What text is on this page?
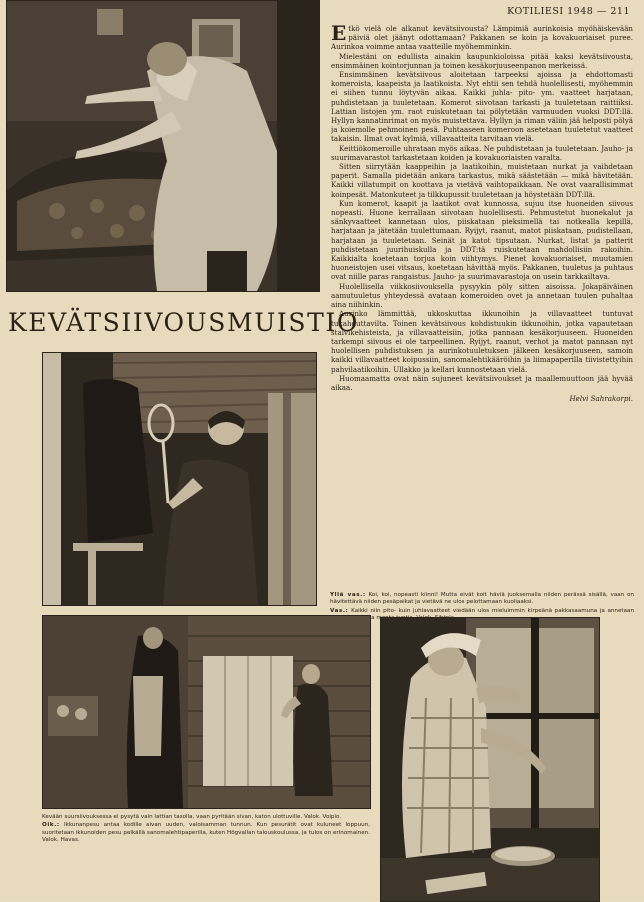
KOTILIESI 1948 — 211
KEVÄTSIIVOUSMUISTIO

Etkö vielä ole alkanut kevätsiivousta? Lämpimiä aurinkoisia myöhäiskevään päiviä olet jäänyt odottamaan? Pakkanen se koin ja kovakuoriaiset puree. Aurinkoa voimme antaa vaatteille myöhemminkin.

Mielestäni on edullista ainakin kaupunkioloissa pitää kaksi kevätsiivousta, ensimmäinen kointorjunnan ja toinen kesäkorjuuseenpanon merkeissä.

Ensimmäinen kevätsiivous aloitetaan tarpeeksi ajoissa ja ehdottomasti komeroista, kaapeista ja laatikoista. Nyt ehtii sen tehdä huolellisesti, myöhemmin ei siihen tunnu löytyvän aikaa. Kaikki juhla- pito- ym. vaatteet harjataan, puhdistetaan ja tuuletetaan. Komerot siivotaan tarkasti ja tuuletetaan raittiiksi. Lattian listojen ym. raot ruiskutetaan tai pölytetään varmuuden vuoksi DDT:llä. Hyllyn kannatinrimat on myös muistettava. Hyllyn ja riman väliin jää helposti pölyä ja koiemolle pehmoinen pesä. Puhtaaseen komeroon asetetaan tuuletetut vaatteet takaisin. Ilmat ovat kylmiä, villavaatteita tarvitaan vielä.

Keittiökomeroille uhrataan myös aikaa. Ne puhdistetaan ja tuuletetaan. Jauho- ja suurimavarastot tarkastetaan koiden ja kovakuoriaisten varalta.

Sitten siirrytään kaappeihin ja laatikoihin, muistetaan nurkat ja vaihdetaan paperit. Samalla pidetään ankara tarkastus, mikä säästetään — mikä hävitetään. Kaikki villatumpit on koottava ja vietävä vaihtopaikkaan. Ne ovat vaarallisimmat koinpesät. Matonkuteet ja tilkkupussit tuuletetaan ja höystetään DDT:llä.

Kun komerot, kaapit ja laatikot ovat kunnossa, sujuu itse huoneiden siivous nopeasti. Huone kerrallaan siivotaan huolellisesti. Pehmustetut huonekalut ja sänkyvaatteet kannetaan ulos, piiskataan pieksimellä tai notkealla kepillä, harjataan ja jätetään tuulettumaan. Ryijyt, raanut, matot piiskataan, pudistellaan, harjataan ja tuuletetaan. Seinät ja katot tipsutaan. Nurkat, listat ja patterit puhdistetaan juurihuiskulla ja DDT:tä ruiskutetaan mahdollisiin rakoihin. Kaikkialta koetetaan torjua koin viihtymys. Pienet kovakuoriaiset, muutamien huoneistojen usei vitsaus, koetetaan hävittää myös. Pakkanen, tuuletus ja puhtaus ovat niille paras rangaistus. Jauho- ja suurimavarastoja on usein tarkkailtava.

Huolellisella viikkosiivouksella pysyykin pöly sitten aisoissa. Jokapäiväinen aamutuuletus yhteydessä avataan komeroiden ovet ja annetaan tuulen puhaltaa aina niihinkin.

Aurinko lämmittää, ukkoskuttaa ikkunoihin ja villavaatteet tuntuvat tukahduttavilta. Toinen kevätsiivous kohdistuukin ikkunoihin, jotka vapautetaan stalvikehisteista, ja villavaatteisiin, jotka pannaan kesäkorjuuseen. Huoneiden tarkempi siivous ei ole tarpeellinen. Ryijyt, raanut, verhot ja matot pannaan nyt huolellisen puhdistuksen ja aurinkotuuletuksen jälkeen kesäkorjuuseen, samoin kaikki villavaatteet koipussiin, sanomalehtikääröihin ja liimapaperilla tiivistettyihin pahvilaatikoihin. Ullakko ja kellari kunnostetaan vielä.

Huomaamatta ovat näin sujuneet kevätsiivoukset ja maallemuuttoon jää hyvää aikaa.

Helvi Sahrakorpi.

Yllä vas.: Koi, koi, nopeasti kiinni! Mutta eivät koit häviä juoksemalla niiden perässä sisällä, vaan on hävitettävä niiden pesäpaikat ja vietävä ne ulos pelottamaan kuoliaaksi.

Vas.: Kaikki niin pito- kuin juhlavaatteet viedään ulos mieluimmin kirpeänä pakkasaamuna ja annetaan

Kevään suursiivouksessa ei pysytä vain lattian tasolla, vaan pyritään sivan, katon ulottuville. Valok. Voipio.

Oik.: Ikkunanpesu antaa kodille aivan uuden, valoisamman tunnun. Kun pesurätit ovat kuluneet loppuun, suoritetaan ikkunoiden pesu pelkällä sanomalehtipaperilla, kuten Högvallan talouskoulussa, ja tulos on erinomainen. Valok. Havas.
